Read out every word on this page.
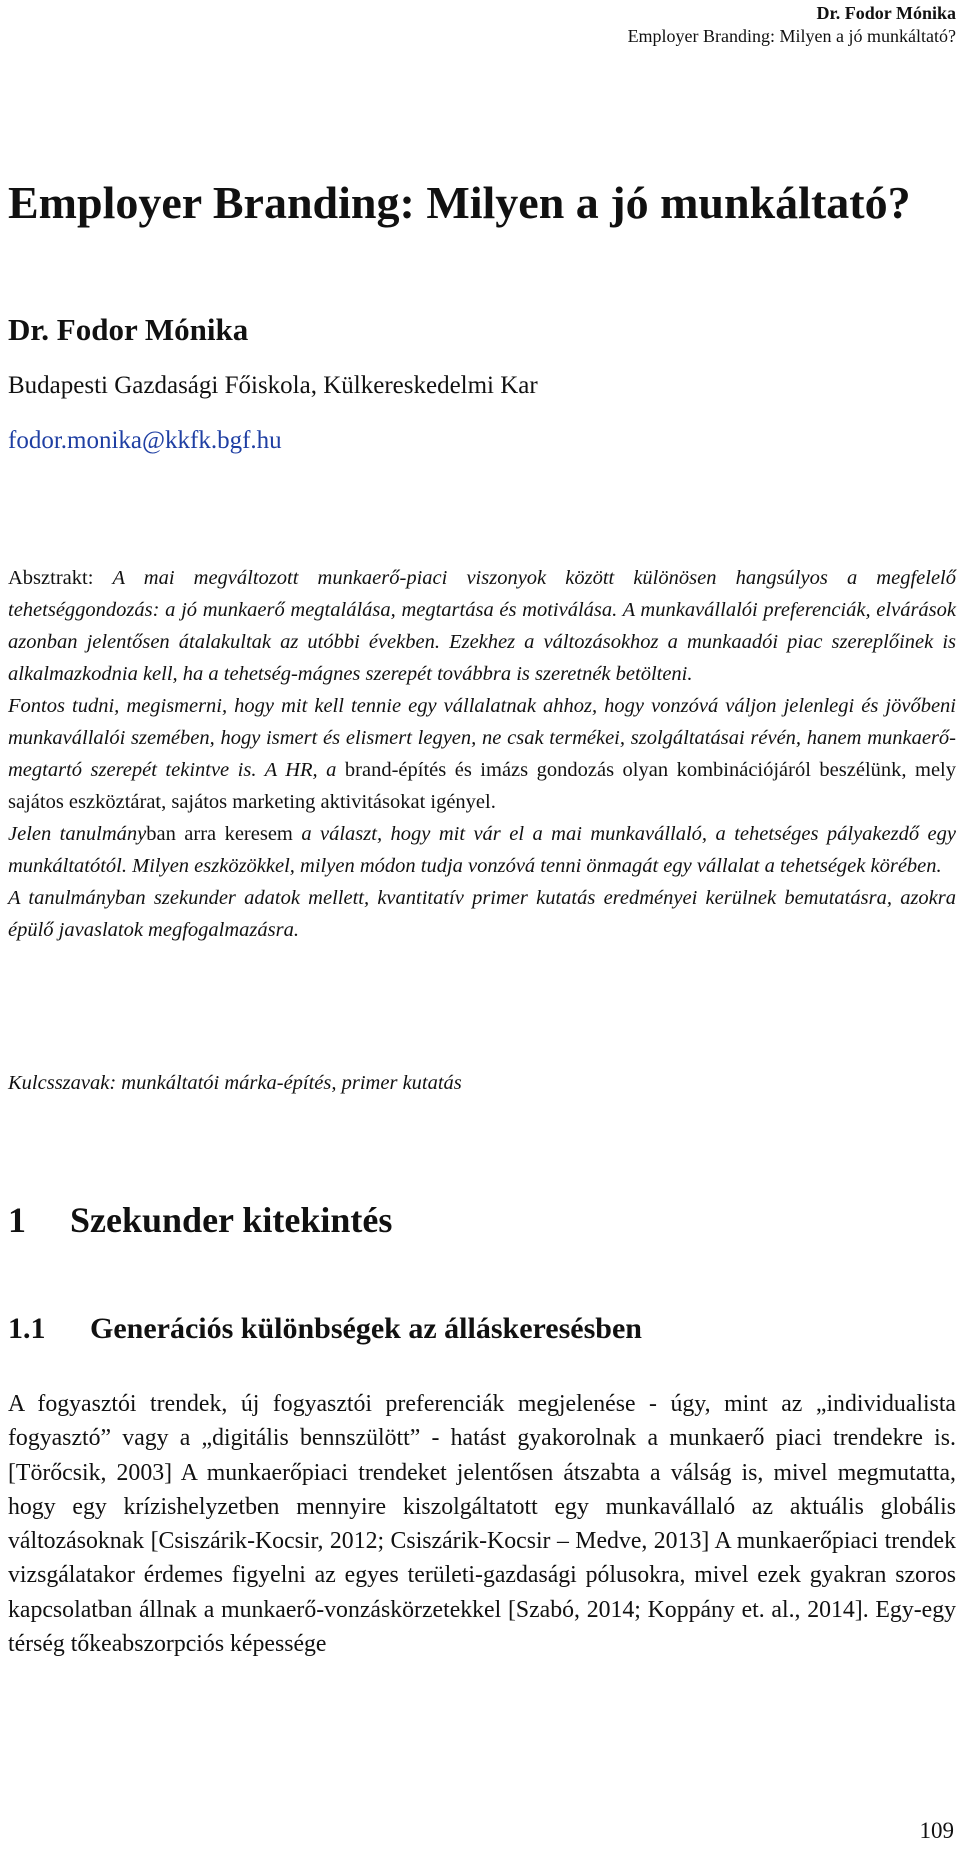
Dr. Fodor Mónika
Employer Branding: Milyen a jó munkáltató?
Employer Branding: Milyen a jó munkáltató?
Dr. Fodor Mónika
Budapesti Gazdasági Főiskola, Külkereskedelmi Kar
fodor.monika@kkfk.bgf.hu

Absztrakt: A mai megváltozott munkaerő-piaci viszonyok között különösen hangsúlyos a megfelelő tehetséggondozás: a jó munkaerő megtalálása, megtartása és motiválása. A munkavállalói preferenciák, elvárások azonban jelentősen átalakultak az utóbbi években. Ezekhez a változásokhoz a munkaadói piac szereplőinek is alkalmazkodnia kell, ha a tehetség-mágnes szerepét továbbra is szeretnék betölteni.

Fontos tudni, megismerni, hogy mit kell tennie egy vállalatnak ahhoz, hogy vonzóvá váljon jelenlegi és jövőbeni munkavállalói szemében, hogy ismert és elismert legyen, ne csak termékei, szolgáltatásai révén, hanem munkaerő-megtartó szerepét tekintve is. A HR, a brand-építés és imázs gondozás olyan kombinációjáról beszélünk, mely sajátos eszköztárat, sajátos marketing aktivitásokat igényel.

Jelen tanulmányban arra keresem a választ, hogy mit vár el a mai munkavállaló, a tehetséges pályakezdő egy munkáltatótól. Milyen eszközökkel, milyen módon tudja vonzóvá tenni önmagát egy vállalat a tehetségek körében.

A tanulmányban szekunder adatok mellett, kvantitatív primer kutatás eredményei kerülnek bemutatásra, azokra épülő javaslatok megfogalmazásra.

Kulcsszavak: munkáltatói márka-építés, primer kutatás
1 Szekunder kitekintés
1.1 Generációs különbségek az álláskeresésben

A fogyasztói trendek, új fogyasztói preferenciák megjelenése - úgy, mint az „individualista fogyasztó” vagy a „digitális bennszülött” - hatást gyakorolnak a munkaerő piaci trendekre is. [Törőcsik, 2003] A munkaerőpiaci trendeket jelentősen átszabta a válság is, mivel megmutatta, hogy egy krízishelyzetben mennyire kiszolgáltatott egy munkavállaló az aktuális globális változásoknak [Csiszárik-Kocsir, 2012; Csiszárik-Kocsir – Medve, 2013] A munkaerőpiaci trendek vizsgálatakor érdemes figyelni az egyes területi-gazdasági pólusokra, mivel ezek gyakran szoros kapcsolatban állnak a munkaerő-vonzáskörzetekkel [Szabó, 2014; Koppány et. al., 2014]. Egy-egy térség tőkeabszorpciós képessége

109
